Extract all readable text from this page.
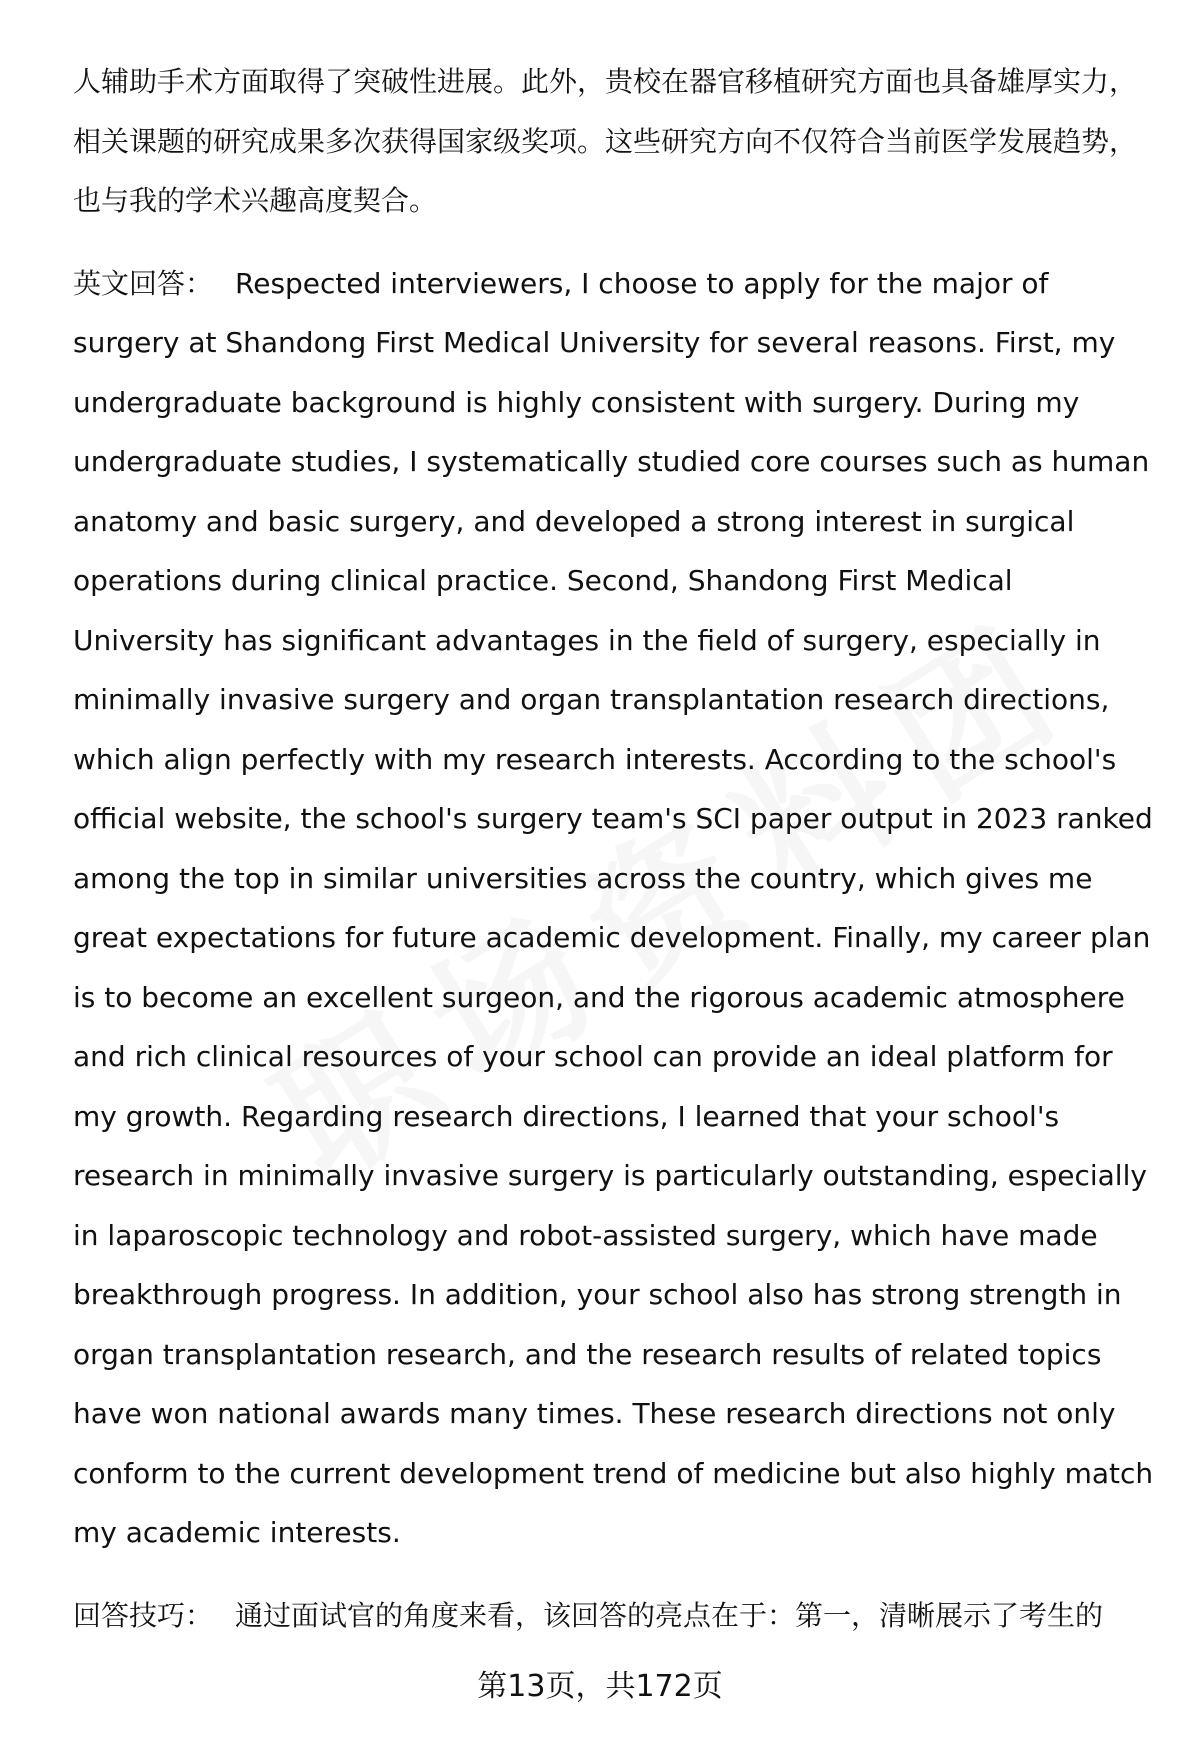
人辅助手术方面取得了突破性进展。此外，贵校在器官移植研究方面也具备雄厚实力，相关课题的研究成果多次获得国家级奖项。这些研究方向不仅符合当前医学发展趋势，也与我的学术兴趣高度契合。

英文回答： Respected interviewers, I choose to apply for the major of surgery at Shandong First Medical University for several reasons. First, my undergraduate background is highly consistent with surgery. During my undergraduate studies, I systematically studied core courses such as human anatomy and basic surgery, and developed a strong interest in surgical operations during clinical practice. Second, Shandong First Medical University has significant advantages in the field of surgery, especially in minimally invasive surgery and organ transplantation research directions, which align perfectly with my research interests. According to the school's official website, the school's surgery team's SCI paper output in 2023 ranked among the top in similar universities across the country, which gives me great expectations for future academic development. Finally, my career plan is to become an excellent surgeon, and the rigorous academic atmosphere and rich clinical resources of your school can provide an ideal platform for my growth. Regarding research directions, I learned that your school's research in minimally invasive surgery is particularly outstanding, especially in laparoscopic technology and robot-assisted surgery, which have made breakthrough progress. In addition, your school also has strong strength in organ transplantation research, and the research results of related topics have won national awards many times. These research directions not only conform to the current development trend of medicine but also highly match my academic interests.

回答技巧： 通过面试官的角度来看，该回答的亮点在于：第一，清晰展示了考生的

第13页，共172页
